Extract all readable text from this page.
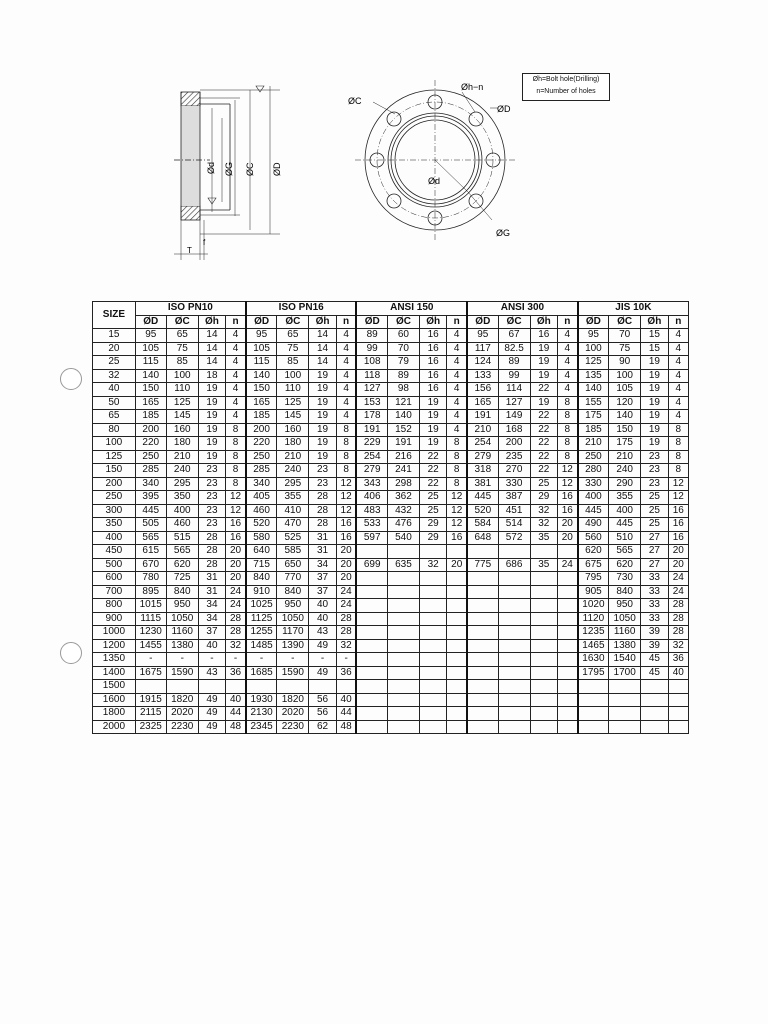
Ød ØG ØC ØD
f
T
ØC
Øh−n
ØD
Ød
ØG
Øh=Bolt hole(Drilling)
n=Number of holes
SIZE	ISO PN10				ISO PN16				ANSI 150				ANSI 300				JIS 10K			
	ØD	ØC	Øh	n	ØD	ØC	Øh	n	ØD	ØC	Øh	n	ØD	ØC	Øh	n	ØD	ØC	Øh	n
15	95	65	14	4	95	65	14	4	89	60	16	4	95	67	16	4	95	70	15	4
20	105	75	14	4	105	75	14	4	99	70	16	4	117	82.5	19	4	100	75	15	4
25	115	85	14	4	115	85	14	4	108	79	16	4	124	89	19	4	125	90	19	4
32	140	100	18	4	140	100	19	4	118	89	16	4	133	99	19	4	135	100	19	4
40	150	110	19	4	150	110	19	4	127	98	16	4	156	114	22	4	140	105	19	4
50	165	125	19	4	165	125	19	4	153	121	19	4	165	127	19	8	155	120	19	4
65	185	145	19	4	185	145	19	4	178	140	19	4	191	149	22	8	175	140	19	4
80	200	160	19	8	200	160	19	8	191	152	19	4	210	168	22	8	185	150	19	8
100	220	180	19	8	220	180	19	8	229	191	19	8	254	200	22	8	210	175	19	8
125	250	210	19	8	250	210	19	8	254	216	22	8	279	235	22	8	250	210	23	8
150	285	240	23	8	285	240	23	8	279	241	22	8	318	270	22	12	280	240	23	8
200	340	295	23	8	340	295	23	12	343	298	22	8	381	330	25	12	330	290	23	12
250	395	350	23	12	405	355	28	12	406	362	25	12	445	387	29	16	400	355	25	12
300	445	400	23	12	460	410	28	12	483	432	25	12	520	451	32	16	445	400	25	16
350	505	460	23	16	520	470	28	16	533	476	29	12	584	514	32	20	490	445	25	16
400	565	515	28	16	580	525	31	16	597	540	29	16	648	572	35	20	560	510	27	16
450	615	565	28	20	640	585	31	20									620	565	27	20
500	670	620	28	20	715	650	34	20	699	635	32	20	775	686	35	24	675	620	27	20
600	780	725	31	20	840	770	37	20									795	730	33	24
700	895	840	31	24	910	840	37	24									905	840	33	24
800	1015	950	34	24	1025	950	40	24									1020	950	33	28
900	1115	1050	34	28	1125	1050	40	28									1120	1050	33	28
1000	1230	1160	37	28	1255	1170	43	28									1235	1160	39	28
1200	1455	1380	40	32	1485	1390	49	32									1465	1380	39	32
1350	-	-	-	-	-	-	-	-									1630	1540	45	36
1400	1675	1590	43	36	1685	1590	49	36									1795	1700	45	40
1500																				
1600	1915	1820	49	40	1930	1820	56	40												
1800	2115	2020	49	44	2130	2020	56	44												
2000	2325	2230	49	48	2345	2230	62	48												
